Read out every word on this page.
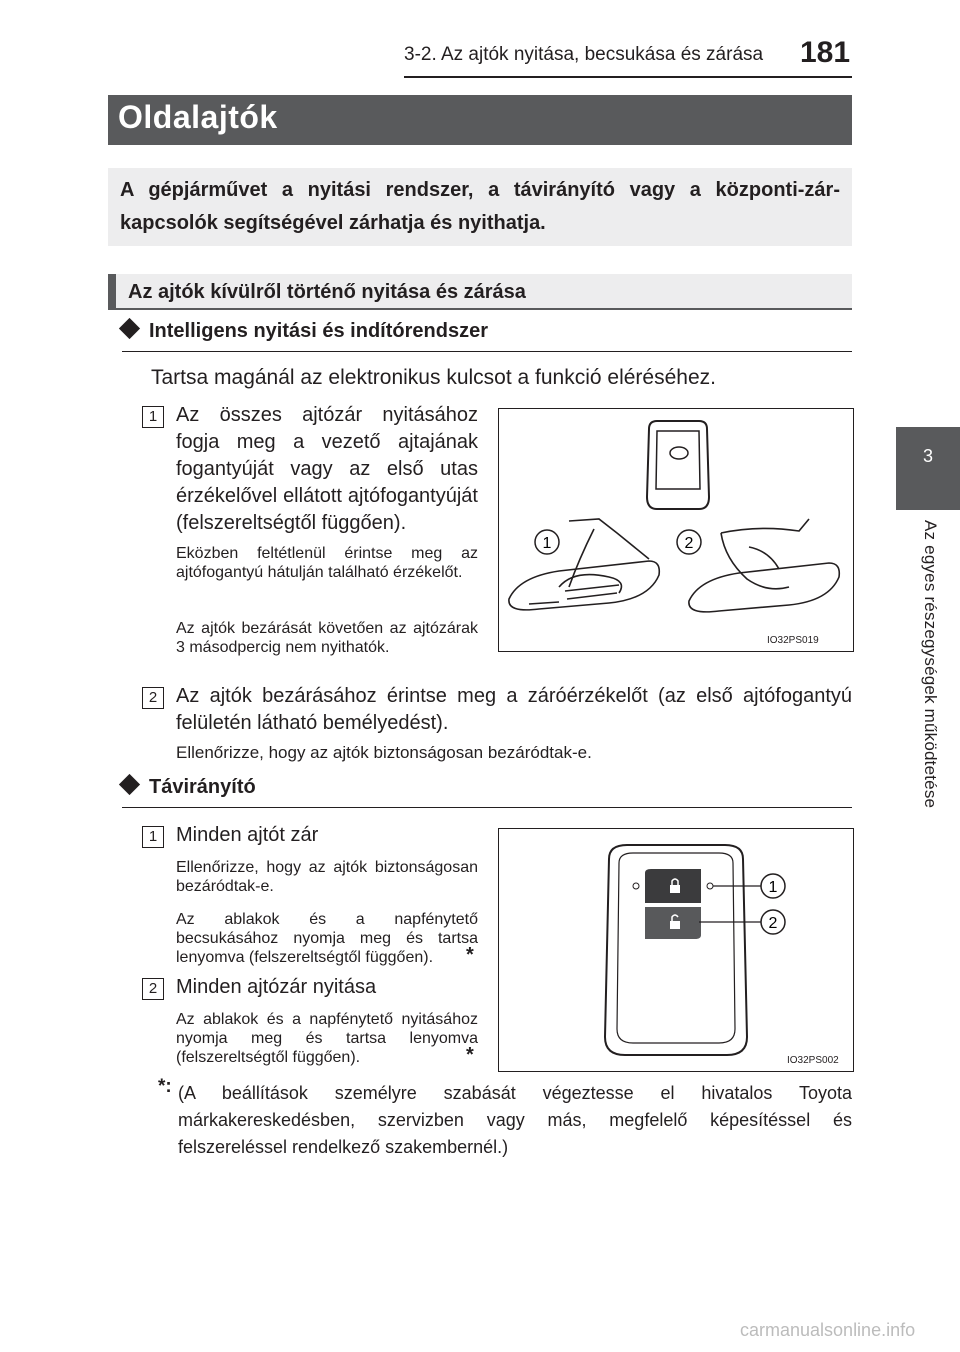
3-2. Az ajtók nyitása, becsukása és zárása 181
3
Az egyes részegységek működtetése
Oldalajtók

A gépjárművet a nyitási rendszer, a távirányító vagy a központi-zár-kapcsolók segítségével zárhatja és nyithatja.

Az ajtók kívülről történő nyitása és zárása
Intelligens nyitási és indítórendszer
Tartsa magánál az elektronikus kulcsot a funkció eléréséhez.
1 Az összes ajtózár nyitásához fogja meg a vezető ajtajának fogantyúját vagy az első utas érzékelővel ellátott ajtófogantyúját (felszereltségtől függően).
Eközben feltétlenül érintse meg az ajtófogantyú hátulján található érzékelőt.
Az ajtók bezárását követően az ajtózárak 3 másodpercig nem nyithatók.
1	2
IO32PS019
2 Az ajtók bezárásához érintse meg a záróérzékelőt (az első ajtófogantyú felületén látható bemélyedést).
Ellenőrizze, hogy az ajtók biztonságosan bezáródtak-e.
Távirányító
1 Minden ajtót zár
Ellenőrizze, hogy az ajtók biztonságosan bezáródtak-e.
Az ablakok és a napfénytető becsukásához nyomja meg és tartsa lenyomva (felszereltségtől függően).	*
2 Minden ajtózár nyitása
Az ablakok és a napfénytető nyitásához nyomja meg és tartsa lenyomva (felszereltségtől függően).	*
1
2
IO32PS002
*: (A beállítások személyre szabását végeztesse el hivatalos Toyota márkakereskedésben, szervizben vagy más, megfelelő képesítéssel és felszereléssel rendelkező szakembernél.)
carmanualsonline.info
